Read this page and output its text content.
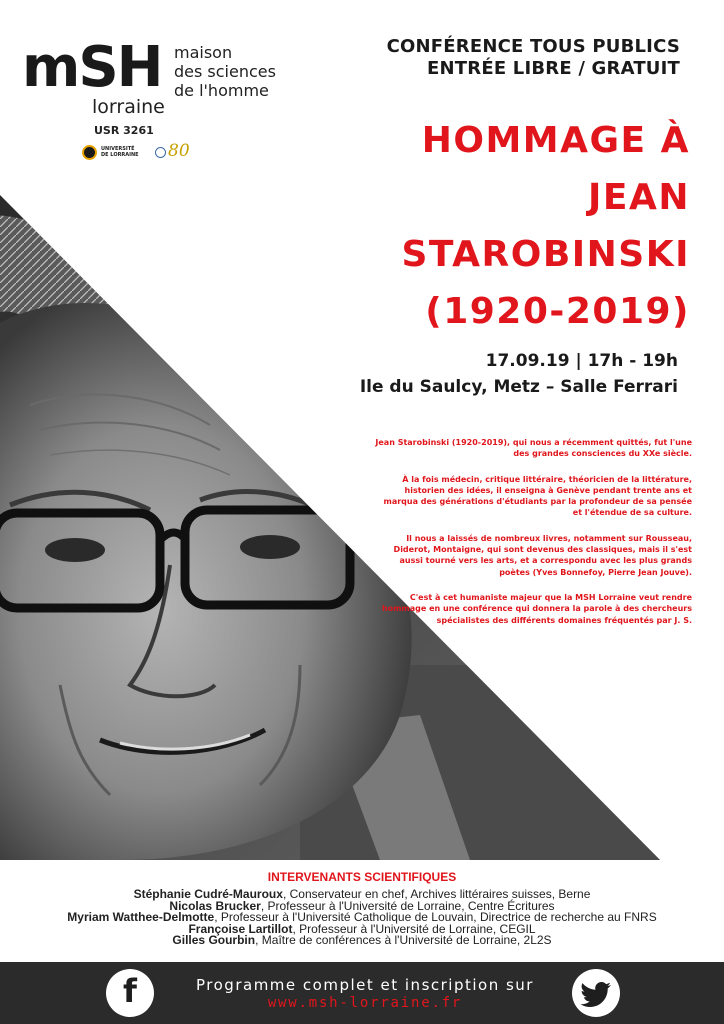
mSH maison
des sciences
de l'homme
lorraine
USR 3261
UNIVERSITÉ DE LORRAINE 80
CONFÉRENCE TOUS PUBLICS
ENTRÉE LIBRE / GRATUIT
HOMMAGE À
JEAN
STAROBINSKI
(1920-2019)
17.09.19 | 17h - 19h
Ile du Saulcy, Metz – Salle Ferrari

Jean Starobinski (1920-2019), qui nous a récemment quittés, fut l'une des grandes consciences du XXe siècle.

À la fois médecin, critique littéraire, théoricien de la littérature, historien des idées, il enseigna à Genève pendant trente ans et marqua des générations d'étudiants par la profondeur de sa pensée et l'étendue de sa culture.

Il nous a laissés de nombreux livres, notamment sur Rousseau, Diderot, Montaigne, qui sont devenus des classiques, mais il s'est aussi tourné vers les arts, et a correspondu avec les plus grands poètes (Yves Bonnefoy, Pierre Jean Jouve).

C'est à cet humaniste majeur que la MSH Lorraine veut rendre hommage en une conférence qui donnera la parole à des chercheurs spécialistes des différents domaines fréquentés par J. S.

INTERVENANTS SCIENTIFIQUES
Stéphanie Cudré-Mauroux, Conservateur en chef, Archives littéraires suisses, Berne
Nicolas Brucker, Professeur à l'Université de Lorraine, Centre Écritures
Myriam Watthee-Delmotte, Professeur à l'Université Catholique de Louvain, Directrice de recherche au FNRS
Françoise Lartillot, Professeur à l'Université de Lorraine, CEGIL
Gilles Gourbin, Maître de conférences à l'Université de Lorraine, 2L2S
f	Programme complet et inscription sur
www.msh-lorraine.fr
